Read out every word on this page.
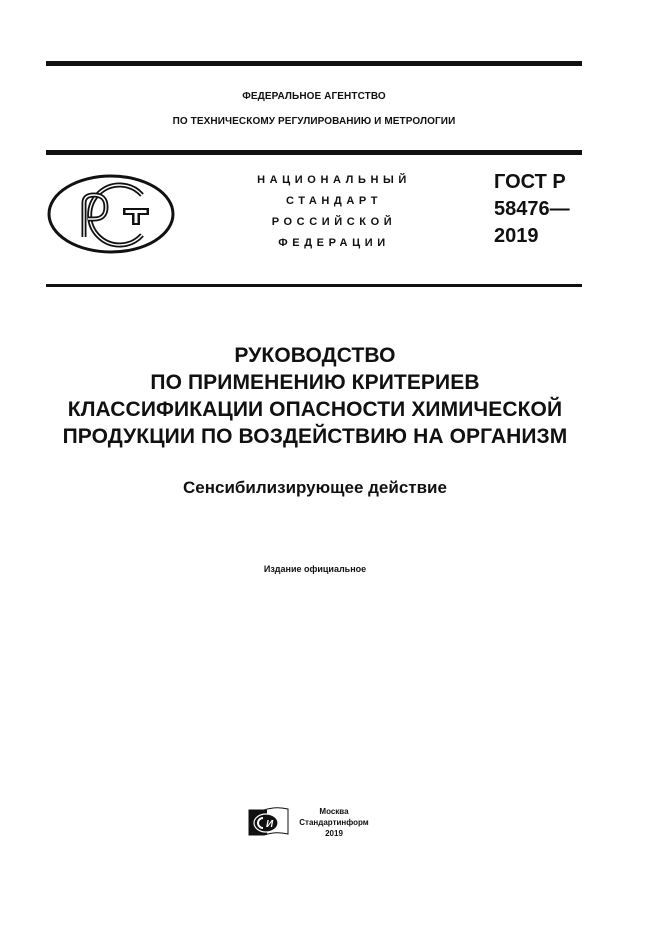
ФЕДЕРАЛЬНОЕ АГЕНТСТВО
ПО ТЕХНИЧЕСКОМУ РЕГУЛИРОВАНИЮ И МЕТРОЛОГИИ
НАЦИОНАЛЬНЫЙ
СТАНДАРТ
РОССИЙСКОЙ
ФЕДЕРАЦИИ
ГОСТ Р
58476—
2019
РУКОВОДСТВО
ПО ПРИМЕНЕНИЮ КРИТЕРИЕВ
КЛАССИФИКАЦИИ ОПАСНОСТИ ХИМИЧЕСКОЙ
ПРОДУКЦИИ ПО ВОЗДЕЙСТВИЮ НА ОРГАНИЗМ
Сенсибилизирующее действие
Издание официальное
И
Москва
Стандартинформ
2019
